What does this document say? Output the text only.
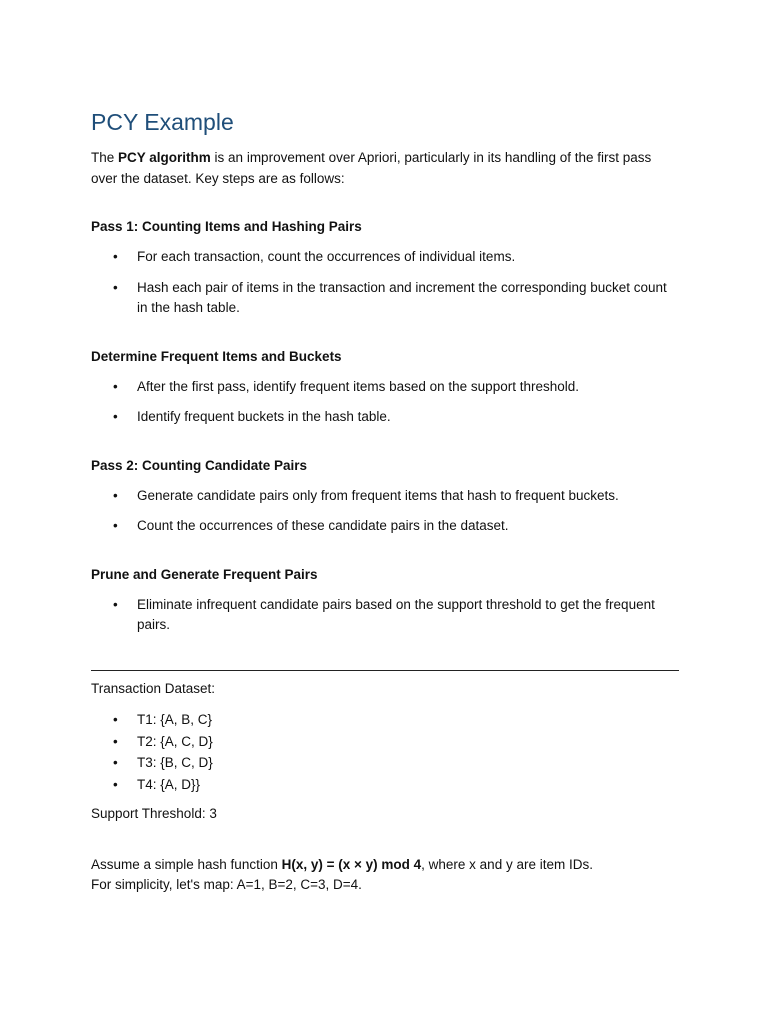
PCY Example

The PCY algorithm is an improvement over Apriori, particularly in its handling of the first pass over the dataset. Key steps are as follows:

Pass 1: Counting Items and Hashing Pairs
• For each transaction, count the occurrences of individual items.
• Hash each pair of items in the transaction and increment the corresponding bucket count in the hash table.
Determine Frequent Items and Buckets
• After the first pass, identify frequent items based on the support threshold.
• Identify frequent buckets in the hash table.
Pass 2: Counting Candidate Pairs
• Generate candidate pairs only from frequent items that hash to frequent buckets.
• Count the occurrences of these candidate pairs in the dataset.
Prune and Generate Frequent Pairs
• Eliminate infrequent candidate pairs based on the support threshold to get the frequent pairs.

Transaction Dataset:

• T1: {A, B, C}
• T2: {A, C, D}
• T3: {B, C, D}
• T4: {A, D}}

Support Threshold: 3

Assume a simple hash function H(x, y) = (x × y) mod 4, where x and y are item IDs.

For simplicity, let's map: A=1, B=2, C=3, D=4.
